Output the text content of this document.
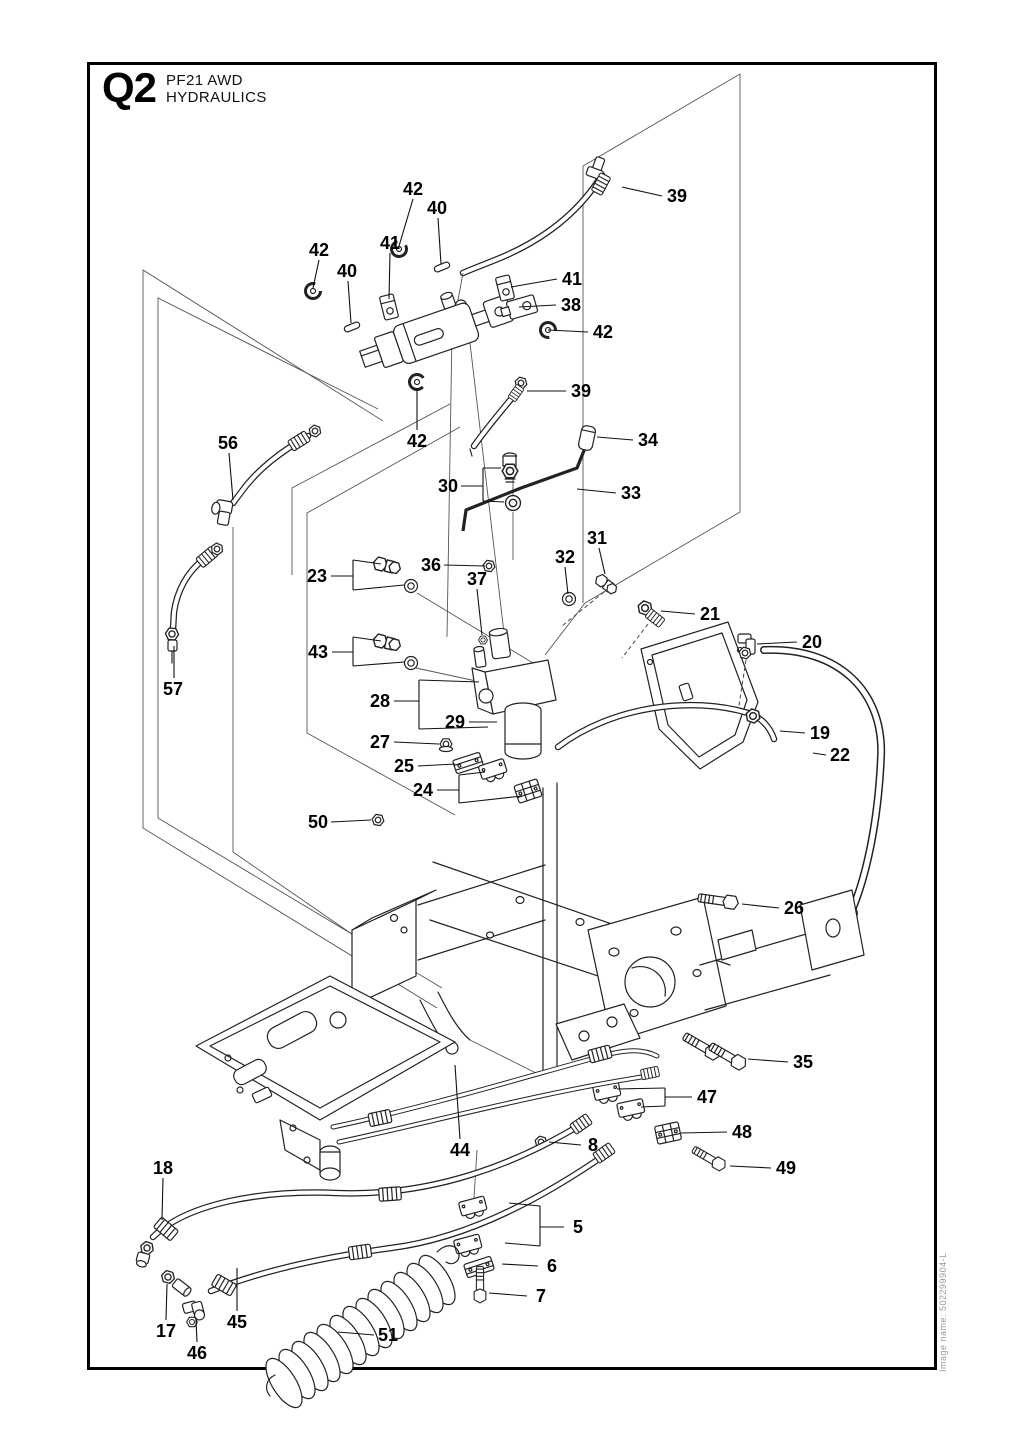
Q2 PF21 AWD
HYDRAULICS
Image name: 502299904-L
42
40
41
42
40
39
41
38
42
39
42
56	34
30	33
23
36
37
32
31
21
20
43
57
28
29
27
25
24
19
22
50
26
35
47
48
49
8
44
5
6
7
18
17
46
45
51
